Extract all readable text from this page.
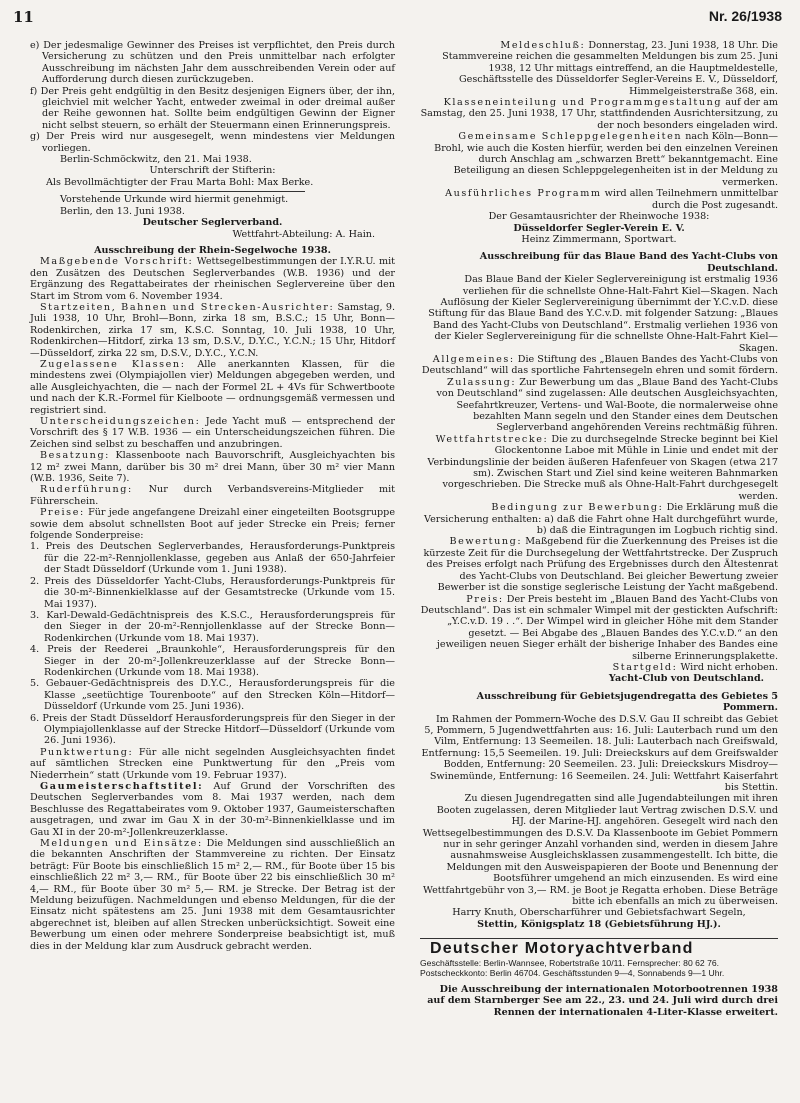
11	Nr. 26/1938

e) Der jedesmalige Gewinner des Preises ist verpflichtet, den Preis durch Versicherung zu schützen und den Preis unmittelbar nach erfolgter Ausschreibung im nächsten Jahr dem ausschreibenden Verein oder auf Aufforderung durch diesen zurückzugeben.

f) Der Preis geht endgültig in den Besitz desjenigen Eigners über, der ihn, gleichviel mit welcher Yacht, entweder zweimal in oder dreimal außer der Reihe gewonnen hat. Sollte beim endgültigen Gewinn der Eigner nicht selbst steuern, so erhält der Steuermann einen Erinnerungspreis.

g) Der Preis wird nur ausgesegelt, wenn mindestens vier Meldungen vorliegen.

Berlin-Schmöckwitz, den 21. Mai 1938.

Unterschrift der Stifterin:

Als Bevollmächtigter der Frau Marta Bohl: Max Berke.

Vorstehende Urkunde wird hiermit genehmigt.

Berlin, den 13. Juni 1938.

Deutscher Seglerverband.

Wettfahrt-Abteilung: A. Hain.

Ausschreibung der Rhein-Segelwoche 1938.

Maßgebende Vorschrift: Wettsegelbestimmungen der I.Y.R.U. mit den Zusätzen des Deutschen Seglerverbandes (W.B. 1936) und der Ergänzung des Regattabeirates der rheinischen Seglervereine über den Start im Strom vom 6. November 1934.

Startzeiten, Bahnen und Strecken-Ausrichter: Samstag, 9. Juli 1938, 10 Uhr, Brohl—Bonn, zirka 18 sm, B.S.C.; 15 Uhr, Bonn—Rodenkirchen, zirka 17 sm, K.S.C. Sonntag, 10. Juli 1938, 10 Uhr, Rodenkirchen—Hitdorf, zirka 13 sm, D.S.V., D.Y.C., Y.C.N.; 15 Uhr, Hitdorf—Düsseldorf, zirka 22 sm, D.S.V., D.Y.C., Y.C.N.

Zugelassene Klassen: Alle anerkannten Klassen, für die mindestens zwei (Olympiajollen vier) Meldungen abgegeben werden, und alle Ausgleichyachten, die — nach der Formel 2L + 4Vs für Schwertboote und nach der K.R.-Formel für Kielboote — ordnungsgemäß vermessen und registriert sind.

Unterscheidungszeichen: Jede Yacht muß — entsprechend der Vorschrift des § 17 W.B. 1936 — ein Unterscheidungszeichen führen. Die Zeichen sind selbst zu beschaffen und anzubringen.

Besatzung: Klassenboote nach Bauvorschrift, Ausgleichyachten bis 12 m² zwei Mann, darüber bis 30 m² drei Mann, über 30 m² vier Mann (W.B. 1936, Seite 7).

Ruderführung: Nur durch Verbandsvereins-Mitglieder mit Führerschein.

Preise: Für jede angefangene Dreizahl einer eingeteilten Bootsgruppe sowie dem absolut schnellsten Boot auf jeder Strecke ein Preis; ferner folgende Sonderpreise:

1. Preis des Deutschen Seglerverbandes, Herausforderungs-Punktpreis für die 22-m²-Rennjollenklasse, gegeben aus Anlaß der 650-Jahrfeier der Stadt Düsseldorf (Urkunde vom 1. Juni 1938).

2. Preis des Düsseldorfer Yacht-Clubs, Herausforderungs-Punktpreis für die 30-m²-Binnenkielklasse auf der Gesamtstrecke (Urkunde vom 15. Mai 1937).

3. Karl-Dewald-Gedächtnispreis des K.S.C., Herausforderungspreis für den Sieger in der 20-m²-Rennjollenklasse auf der Strecke Bonn—Rodenkirchen (Urkunde vom 18. Mai 1937).

4. Preis der Reederei „Braunkohle“, Herausforderungspreis für den Sieger in der 20-m²-Jollenkreuzerklasse auf der Strecke Bonn—Rodenkirchen (Urkunde vom 18. Mai 1938).

5. Gebauer-Gedächtnispreis des D.Y.C., Herausforderungspreis für die Klasse „seetüchtige Tourenboote“ auf den Strecken Köln—Hitdorf—Düsseldorf (Urkunde vom 25. Juni 1936).

6. Preis der Stadt Düsseldorf Herausforderungspreis für den Sieger in der Olympiajollenklasse auf der Strecke Hitdorf—Düsseldorf (Urkunde vom 26. Juni 1936).

Punktwertung: Für alle nicht segelnden Ausgleichsyachten findet auf sämtlichen Strecken eine Punktwertung für den „Preis vom Niederrhein“ statt (Urkunde vom 19. Februar 1937).

Gaumeisterschaftstitel: Auf Grund der Vorschriften des Deutschen Seglerverbandes vom 8. Mai 1937 werden, nach dem Beschlusse des Regattabeirates vom 9. Oktober 1937, Gaumeisterschaften ausgetragen, und zwar im Gau X in der 30-m²-Binnenkielklasse und im Gau XI in der 20-m²-Jollenkreuzerklasse.

Meldungen und Einsätze: Die Meldungen sind ausschließlich an die bekannten Anschriften der Stammvereine zu richten. Der Einsatz beträgt: Für Boote bis einschließlich 15 m² 2,— RM., für Boote über 15 bis einschließlich 22 m² 3,— RM., für Boote über 22 bis einschließlich 30 m² 4,— RM., für Boote über 30 m² 5,— RM. je Strecke. Der Betrag ist der Meldung beizufügen. Nachmeldungen und ebenso Meldungen, für die der Einsatz nicht spätestens am 25. Juni 1938 mit dem Gesamtausrichter abgerechnet ist, bleiben auf allen Strecken unberücksichtigt. Soweit eine Bewerbung um einen oder mehrere Sonderpreise beabsichtigt ist, muß dies in der Meldung klar zum Ausdruck gebracht werden.

Meldeschluß: Donnerstag, 23. Juni 1938, 18 Uhr. Die Stammvereine reichen die gesammelten Meldungen bis zum 25. Juni 1938, 12 Uhr mittags eintreffend, an die Hauptmeldestelle, Geschäftsstelle des Düsseldorfer Segler-Vereins E. V., Düsseldorf, Himmelgeisterstraße 368, ein.

Klasseneinteilung und Programmgestaltung auf der am Samstag, den 25. Juni 1938, 17 Uhr, stattfindenden Ausrichtersitzung, zu der noch besonders eingeladen wird.

Gemeinsame Schleppgelegenheiten nach Köln—Bonn—Brohl, wie auch die Kosten hierfür, werden bei den einzelnen Vereinen durch Anschlag am „schwarzen Brett“ bekanntgemacht. Eine Beteiligung an diesen Schleppgelegenheiten ist in der Meldung zu vermerken.

Ausführliches Programm wird allen Teilnehmern unmittelbar durch die Post zugesandt.

Der Gesamtausrichter der Rheinwoche 1938:

Düsseldorfer Segler-Verein E. V.

Heinz Zimmermann, Sportwart.

Ausschreibung für das Blaue Band des Yacht-Clubs von Deutschland.

Das Blaue Band der Kieler Seglervereinigung ist erstmalig 1936 verliehen für die schnellste Ohne-Halt-Fahrt Kiel—Skagen. Nach Auflösung der Kieler Seglervereinigung übernimmt der Y.C.v.D. diese Stiftung für das Blaue Band des Y.C.v.D. mit folgender Satzung: „Blaues Band des Yacht-Clubs von Deutschland“. Erstmalig verliehen 1936 von der Kieler Seglervereinigung für die schnellste Ohne-Halt-Fahrt Kiel—Skagen.

Allgemeines: Die Stiftung des „Blauen Bandes des Yacht-Clubs von Deutschland“ will das sportliche Fahrtensegeln ehren und somit fördern.

Zulassung: Zur Bewerbung um das „Blaue Band des Yacht-Clubs von Deutschland“ sind zugelassen: Alle deutschen Ausgleichsyachten, Seefahrtkreuzer, Vertens- und Wal-Boote, die normalerweise ohne bezahlten Mann segeln und den Stander eines dem Deutschen Seglerverband angehörenden Vereins rechtmäßig führen.

Wettfahrtstrecke: Die zu durchsegelnde Strecke beginnt bei Kiel Glockentonne Laboe mit Mühle in Linie und endet mit der Verbindungslinie der beiden äußeren Hafenfeuer von Skagen (etwa 217 sm). Zwischen Start und Ziel sind keine weiteren Bahnmarken vorgeschrieben. Die Strecke muß als Ohne-Halt-Fahrt durchgesegelt werden.

Bedingung zur Bewerbung: Die Erklärung muß die Versicherung enthalten: a) daß die Fahrt ohne Halt durchgeführt wurde, b) daß die Eintragungen im Logbuch richtig sind.

Bewertung: Maßgebend für die Zuerkennung des Preises ist die kürzeste Zeit für die Durchsegelung der Wettfahrtstrecke. Der Zuspruch des Preises erfolgt nach Prüfung des Ergebnisses durch den Ältestenrat des Yacht-Clubs von Deutschland. Bei gleicher Bewertung zweier Bewerber ist die sonstige seglerische Leistung der Yacht maßgebend.

Preis: Der Preis besteht im „Blauen Band des Yacht-Clubs von Deutschland“. Das ist ein schmaler Wimpel mit der gestickten Aufschrift: „Y.C.v.D. 19 . .“. Der Wimpel wird in gleicher Höhe mit dem Stander gesetzt. — Bei Abgabe des „Blauen Bandes des Y.C.v.D.“ an den jeweiligen neuen Sieger erhält der bisherige Inhaber des Bandes eine silberne Erinnerungsplakette.

Startgeld: Wird nicht erhoben.

Yacht-Club von Deutschland.

Ausschreibung für Gebietsjugendregatta des Gebietes 5 Pommern.

Im Rahmen der Pommern-Woche des D.S.V. Gau II schreibt das Gebiet 5, Pommern, 5 Jugendwettfahrten aus: 16. Juli: Lauterbach rund um den Vilm, Entfernung: 13 Seemeilen. 18. Juli: Lauterbach nach Greifswald, Entfernung: 15,5 Seemeilen. 19. Juli: Dreieckskurs auf dem Greifswalder Bodden, Entfernung: 20 Seemeilen. 23. Juli: Dreieckskurs Misdroy—Swinemünde, Entfernung: 16 Seemeilen. 24. Juli: Wettfahrt Kaiserfahrt bis Stettin.

Zu diesen Jugendregatten sind alle Jugendabteilungen mit ihren Booten zugelassen, deren Mitglieder laut Vertrag zwischen D.S.V. und HJ. der Marine-HJ. angehören. Gesegelt wird nach den Wettsegelbestimmungen des D.S.V. Da Klassenboote im Gebiet Pommern nur in sehr geringer Anzahl vorhanden sind, werden in diesem Jahre ausnahmsweise Ausgleichsklassen zusammengestellt. Ich bitte, die Meldungen mit den Ausweispapieren der Boote und Benennung der Bootsführer umgehend an mich einzusenden. Es wird eine Wettfahrtgebühr von 3,— RM. je Boot je Regatta erhoben. Diese Beträge bitte ich ebenfalls an mich zu überweisen.

Harry Knuth, Oberscharführer und Gebietsfachwart Segeln,

Stettin, Königsplatz 18 (Gebietsführung HJ.).

Deutscher Motoryachtverband

Geschäftsstelle: Berlin-Wannsee, Robertstraße 10/11. Fernsprecher: 80 62 76.

Postscheckkonto: Berlin 46704. Geschäftsstunden 9—4, Sonnabends 9—1 Uhr.

Die Ausschreibung der internationalen Motorbootrennen 1938 auf dem Starnberger See am 22., 23. und 24. Juli wird durch drei Rennen der internationalen 4-Liter-Klasse erweitert.
